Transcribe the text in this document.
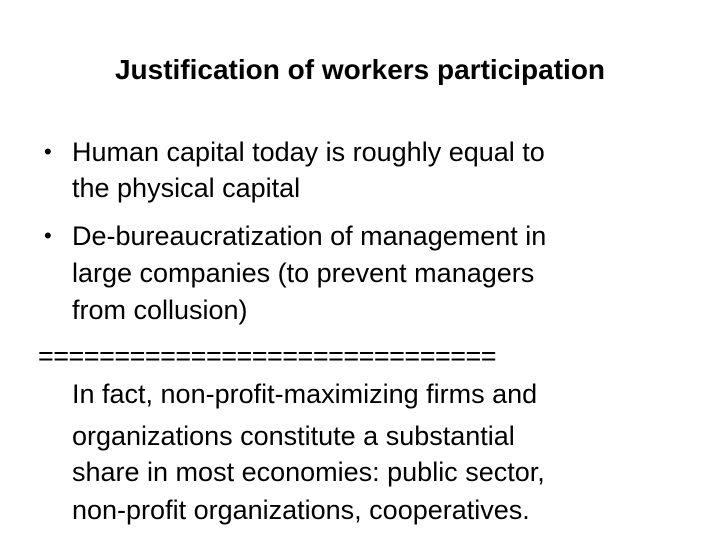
Justification of workers participation
• Human capital today is roughly equal to

the physical capital

• De-bureaucratization of management in

large companies (to prevent managers

from collusion)

==============================

In fact, non-profit-maximizing firms and

organizations constitute a substantial

share in most economies: public sector,

non-profit organizations, cooperatives.
